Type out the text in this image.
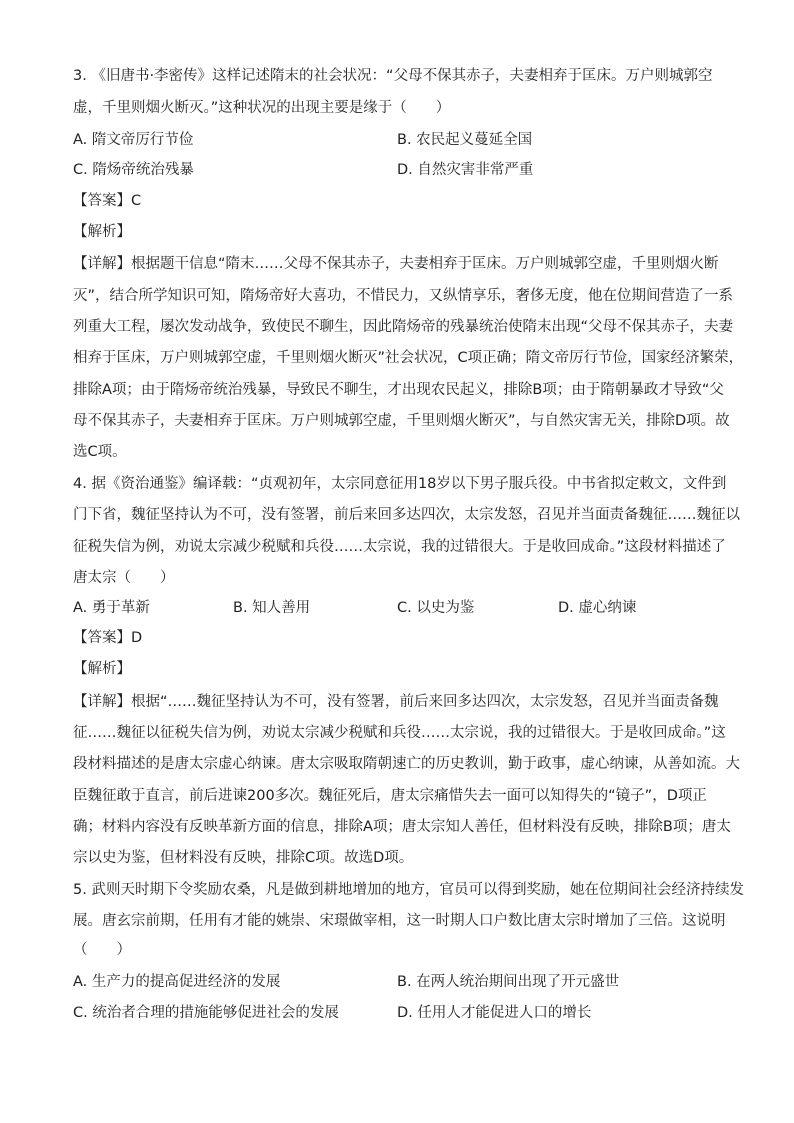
3. 《旧唐书·李密传》这样记述隋末的社会状况：“父母不保其赤子，夫妻相弃于匡床。万户则城郭空
虚，千里则烟火断灭。”这种状况的出现主要是缘于（　　）
A. 隋文帝厉行节俭	B. 农民起义蔓延全国
C. 隋炀帝统治残暴	D. 自然灾害非常严重
【答案】C
【解析】
【详解】根据题干信息“隋末……父母不保其赤子，夫妻相弃于匡床。万户则城郭空虚，千里则烟火断
灭”，结合所学知识可知，隋炀帝好大喜功，不惜民力，又纵情享乐，奢侈无度，他在位期间营造了一系
列重大工程，屡次发动战争，致使民不聊生，因此隋炀帝的残暴统治使隋末出现“父母不保其赤子，夫妻
相弃于匡床，万户则城郭空虚，千里则烟火断灭”社会状况，C项正确；隋文帝厉行节俭，国家经济繁荣，
排除A项；由于隋炀帝统治残暴，导致民不聊生，才出现农民起义，排除B项；由于隋朝暴政才导致“父
母不保其赤子，夫妻相弃于匡床。万户则城郭空虚，千里则烟火断灭”，与自然灾害无关，排除D项。故
选C项。
4. 据《资治通鉴》编译载：“贞观初年，太宗同意征用18岁以下男子服兵役。中书省拟定敕文，文件到
门下省，魏征坚持认为不可，没有签署，前后来回多达四次，太宗发怒，召见并当面责备魏征……魏征以
征税失信为例，劝说太宗减少税赋和兵役……太宗说，我的过错很大。于是收回成命。”这段材料描述了
唐太宗（　　）
A. 勇于革新	B. 知人善用	C. 以史为鉴	D. 虚心纳谏
【答案】D
【解析】
【详解】根据“……魏征坚持认为不可，没有签署，前后来回多达四次，太宗发怒，召见并当面责备魏
征……魏征以征税失信为例，劝说太宗减少税赋和兵役……太宗说，我的过错很大。于是收回成命。”这
段材料描述的是唐太宗虚心纳谏。唐太宗吸取隋朝速亡的历史教训，勤于政事，虚心纳谏，从善如流。大
臣魏征敢于直言，前后进谏200多次。魏征死后，唐太宗痛惜失去一面可以知得失的“镜子”，D项正
确；材料内容没有反映革新方面的信息，排除A项；唐太宗知人善任，但材料没有反映，排除B项；唐太
宗以史为鉴，但材料没有反映，排除C项。故选D项。
5. 武则天时期下令奖励农桑，凡是做到耕地增加的地方，官员可以得到奖励，她在位期间社会经济持续发
展。唐玄宗前期，任用有才能的姚崇、宋璟做宰相，这一时期人口户数比唐太宗时增加了三倍。这说明
（　　）
A. 生产力的提高促进经济的发展	B. 在两人统治期间出现了开元盛世
C. 统治者合理的措施能够促进社会的发展	D. 任用人才能促进人口的增长
